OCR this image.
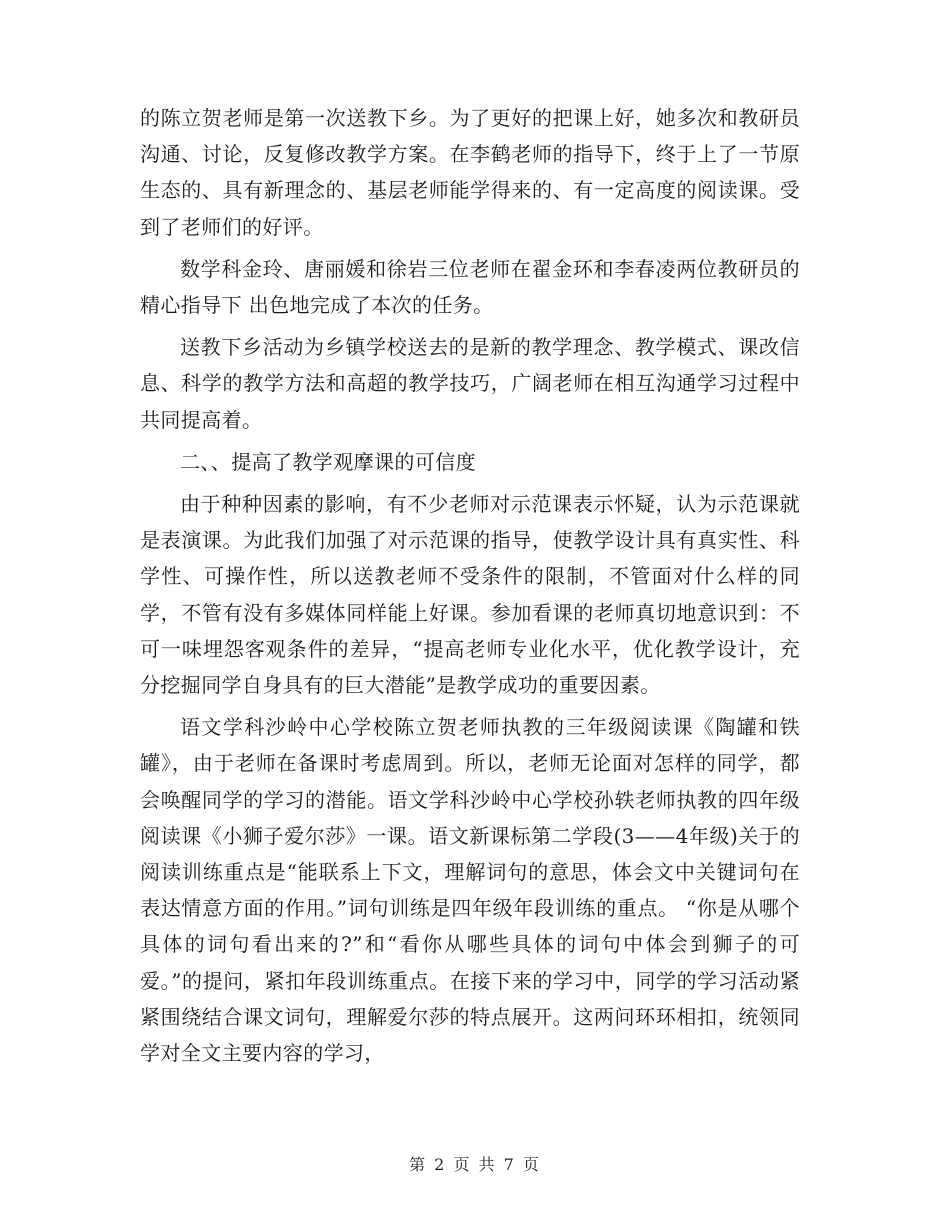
的陈立贺老师是第一次送教下乡。为了更好的把课上好，她多次和教研员沟通、讨论，反复修改教学方案。在李鹤老师的指导下，终于上了一节原生态的、具有新理念的、基层老师能学得来的、有一定高度的阅读课。受到了老师们的好评。

数学科金玲、唐丽媛和徐岩三位老师在翟金环和李春凌两位教研员的精心指导下 出色地完成了本次的任务。

送教下乡活动为乡镇学校送去的是新的教学理念、教学模式、课改信息、科学的教学方法和高超的教学技巧，广阔老师在相互沟通学习过程中共同提高着。

二、、提高了教学观摩课的可信度

由于种种因素的影响，有不少老师对示范课表示怀疑，认为示范课就是表演课。为此我们加强了对示范课的指导，使教学设计具有真实性、科学性、可操作性，所以送教老师不受条件的限制，不管面对什么样的同学，不管有没有多媒体同样能上好课。参加看课的老师真切地意识到：不可一味埋怨客观条件的差异，“提高老师专业化水平，优化教学设计，充分挖掘同学自身具有的巨大潜能”是教学成功的重要因素。

语文学科沙岭中心学校陈立贺老师执教的三年级阅读课《陶罐和铁罐》，由于老师在备课时考虑周到。所以，老师无论面对怎样的同学，都会唤醒同学的学习的潜能。语文学科沙岭中心学校孙轶老师执教的四年级阅读课《小狮子爱尔莎》一课。语文新课标第二学段(3——4年级)关于的阅读训练重点是“能联系上下文，理解词句的意思，体会文中关键词句在表达情意方面的作用。”词句训练是四年级年段训练的重点。 “你是从哪个具体的词句看出来的?”和“看你从哪些具体的词句中体会到狮子的可爱。”的提问，紧扣年段训练重点。在接下来的学习中，同学的学习活动紧紧围绕结合课文词句，理解爱尔莎的特点展开。这两问环环相扣，统领同学对全文主要内容的学习，

第 2 页 共 7 页
